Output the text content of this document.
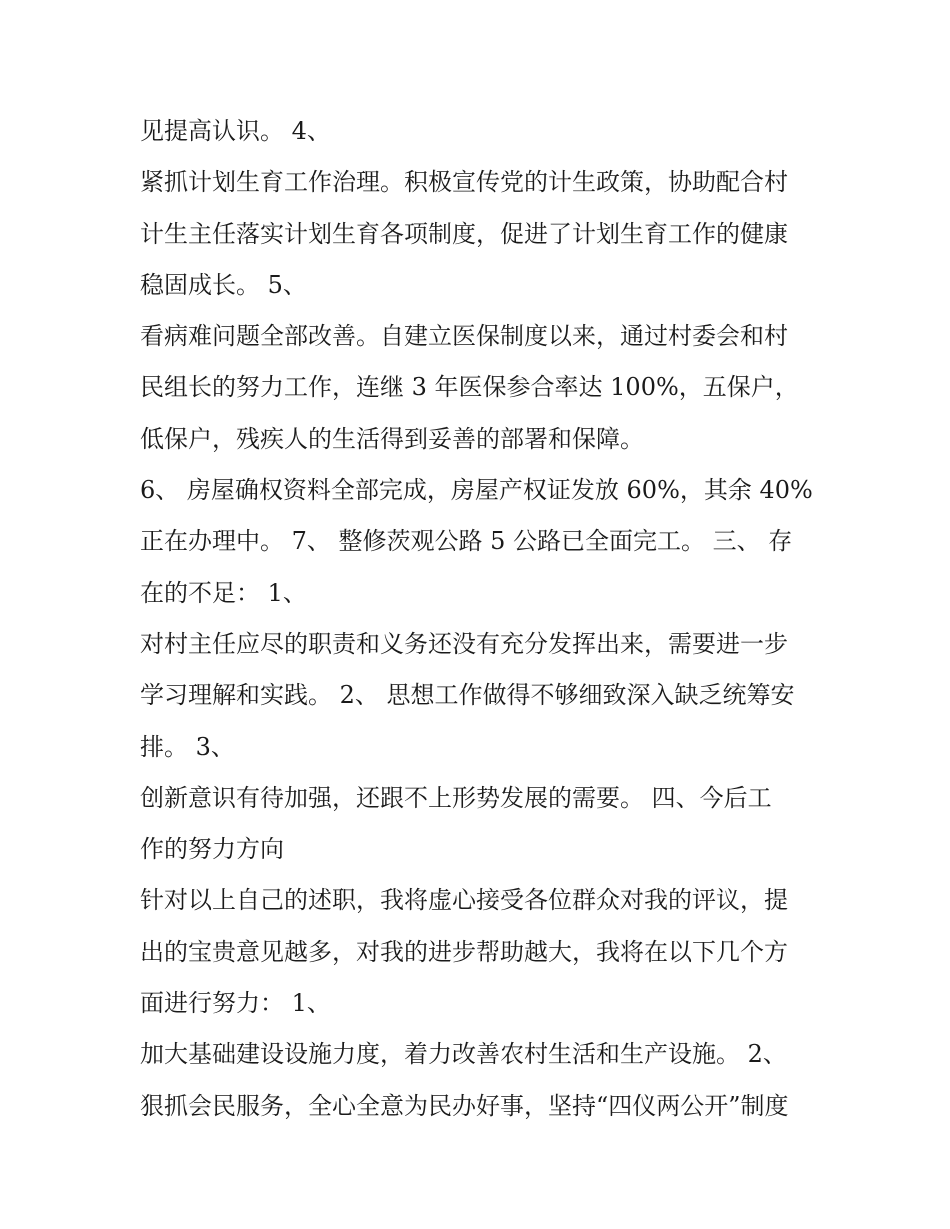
见提高认识。 4、
紧抓计划生育工作治理。积极宣传党的计生政策，协助配合村
计生主任落实计划生育各项制度，促进了计划生育工作的健康
稳固成长。 5、
看病难问题全部改善。自建立医保制度以来，通过村委会和村
民组长的努力工作，连继 3 年医保参合率达 100%，五保户，
低保户，残疾人的生活得到妥善的部署和保障。
6、 房屋确权资料全部完成，房屋产权证发放 60%，其余 40%
正在办理中。 7、 整修茨观公路 5 公路已全面完工。 三、 存
在的不足： 1、
对村主任应尽的职责和义务还没有充分发挥出来，需要进一步
学习理解和实践。 2、 思想工作做得不够细致深入缺乏统筹安
排。 3、
创新意识有待加强，还跟不上形势发展的需要。 四、今后工
作的努力方向
针对以上自己的述职，我将虚心接受各位群众对我的评议，提
出的宝贵意见越多，对我的进步帮助越大，我将在以下几个方
面进行努力： 1、
加大基础建设设施力度，着力改善农村生活和生产设施。 2、
狠抓会民服务，全心全意为民办好事，坚持“四仪两公开”制度
